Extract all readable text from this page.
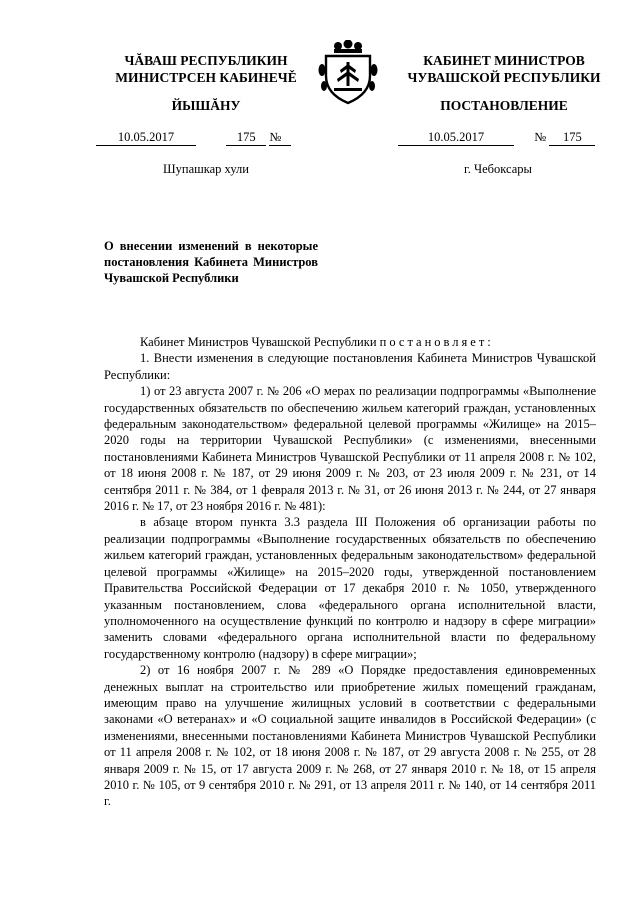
ЧĂВАШ РЕСПУБЛИКИН
МИНИСТРСЕН КАБИНЕЧĚ
ЙЫШĂНУ
КАБИНЕТ МИНИСТРОВ
ЧУВАШСКОЙ РЕСПУБЛИКИ
ПОСТАНОВЛЕНИЕ
10.05.2017	175 №
Шупашкар хули
10.05.2017	№ 175
г. Чебоксары
О внесении изменений в некоторые постановления Кабинета Министров Чувашской Республики

Кабинет Министров Чувашской Республики постановляет:

1. Внести изменения в следующие постановления Кабинета Министров Чувашской Республики:

1) от 23 августа 2007 г. № 206 «О мерах по реализации подпрограммы «Выполнение государственных обязательств по обеспечению жильем категорий граждан, установленных федеральным законодательством» федеральной целевой программы «Жилище» на 2015–2020 годы на территории Чувашской Республики» (с изменениями, внесенными постановлениями Кабинета Министров Чувашской Республики от 11 апреля 2008 г. № 102, от 18 июня 2008 г. № 187, от 29 июня 2009 г. № 203, от 23 июля 2009 г. № 231, от 14 сентября 2011 г. № 384, от 1 февраля 2013 г. № 31, от 26 июня 2013 г. № 244, от 27 января 2016 г. № 17, от 23 ноября 2016 г. № 481):

в абзаце втором пункта 3.3 раздела III Положения об организации работы по реализации подпрограммы «Выполнение государственных обязательств по обеспечению жильем категорий граждан, установленных федеральным законодательством» федеральной целевой программы «Жилище» на 2015–2020 годы, утвержденной постановлением Правительства Российской Федерации от 17 декабря 2010 г. № 1050, утвержденного указанным постановлением, слова «федерального органа исполнительной власти, уполномоченного на осуществление функций по контролю и надзору в сфере миграции» заменить словами «федерального органа исполнительной власти по федеральному государственному контролю (надзору) в сфере миграции»;

2) от 16 ноября 2007 г. № 289 «О Порядке предоставления единовременных денежных выплат на строительство или приобретение жилых помещений гражданам, имеющим право на улучшение жилищных условий в соответствии с федеральными законами «О ветеранах» и «О социальной защите инвалидов в Российской Федерации» (с изменениями, внесенными постановлениями Кабинета Министров Чувашской Республики от 11 апреля 2008 г. № 102, от 18 июня 2008 г. № 187, от 29 августа 2008 г. № 255, от 28 января 2009 г. № 15, от 17 августа 2009 г. № 268, от 27 января 2010 г. № 18, от 15 апреля 2010 г. № 105, от 9 сентября 2010 г. № 291, от 13 апреля 2011 г. № 140, от 14 сентября 2011 г.
